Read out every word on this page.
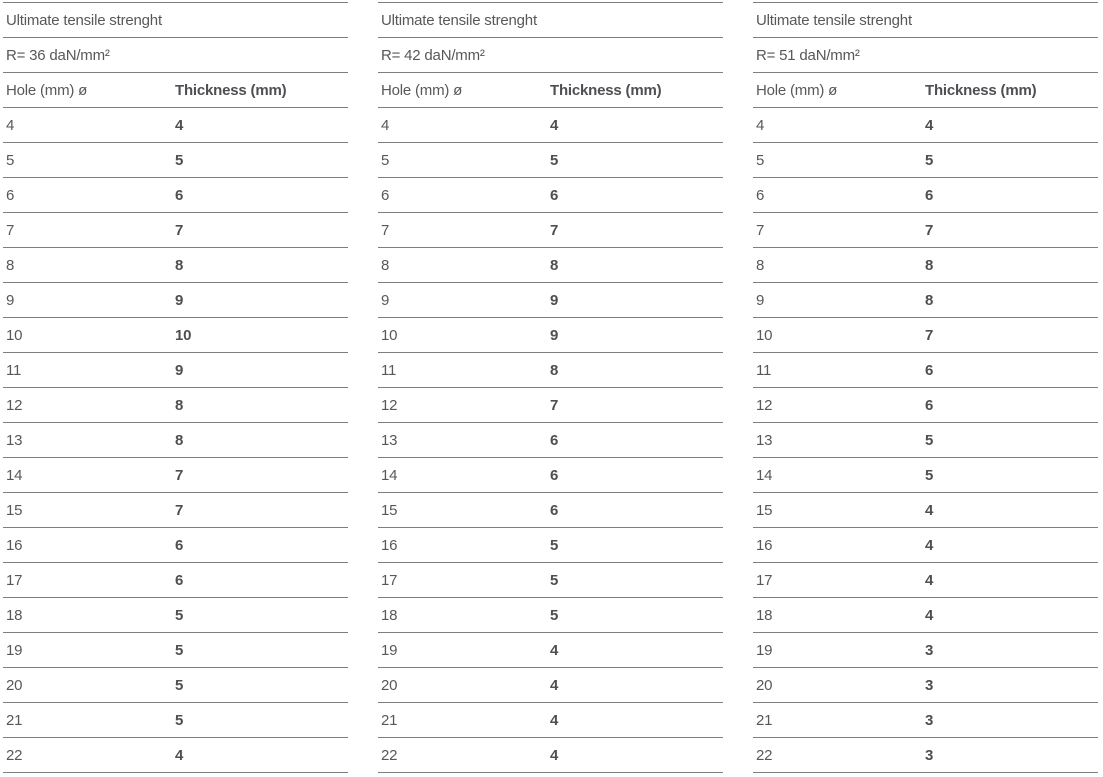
Ultimate tensile strenght
R= 36 daN/mm²
Hole (mm) ø	Thickness (mm)
4	4
5	5
6	6
7	7
8	8
9	9
10	10
11	9
12	8
13	8
14	7
15	7
16	6
17	6
18	5
19	5
20	5
21	5
22	4
Ultimate tensile strenght
R= 42 daN/mm²
Hole (mm) ø	Thickness (mm)
4	4
5	5
6	6
7	7
8	8
9	9
10	9
11	8
12	7
13	6
14	6
15	6
16	5
17	5
18	5
19	4
20	4
21	4
22	4
Ultimate tensile strenght
R= 51 daN/mm²
Hole (mm) ø	Thickness (mm)
4	4
5	5
6	6
7	7
8	8
9	8
10	7
11	6
12	6
13	5
14	5
15	4
16	4
17	4
18	4
19	3
20	3
21	3
22	3
